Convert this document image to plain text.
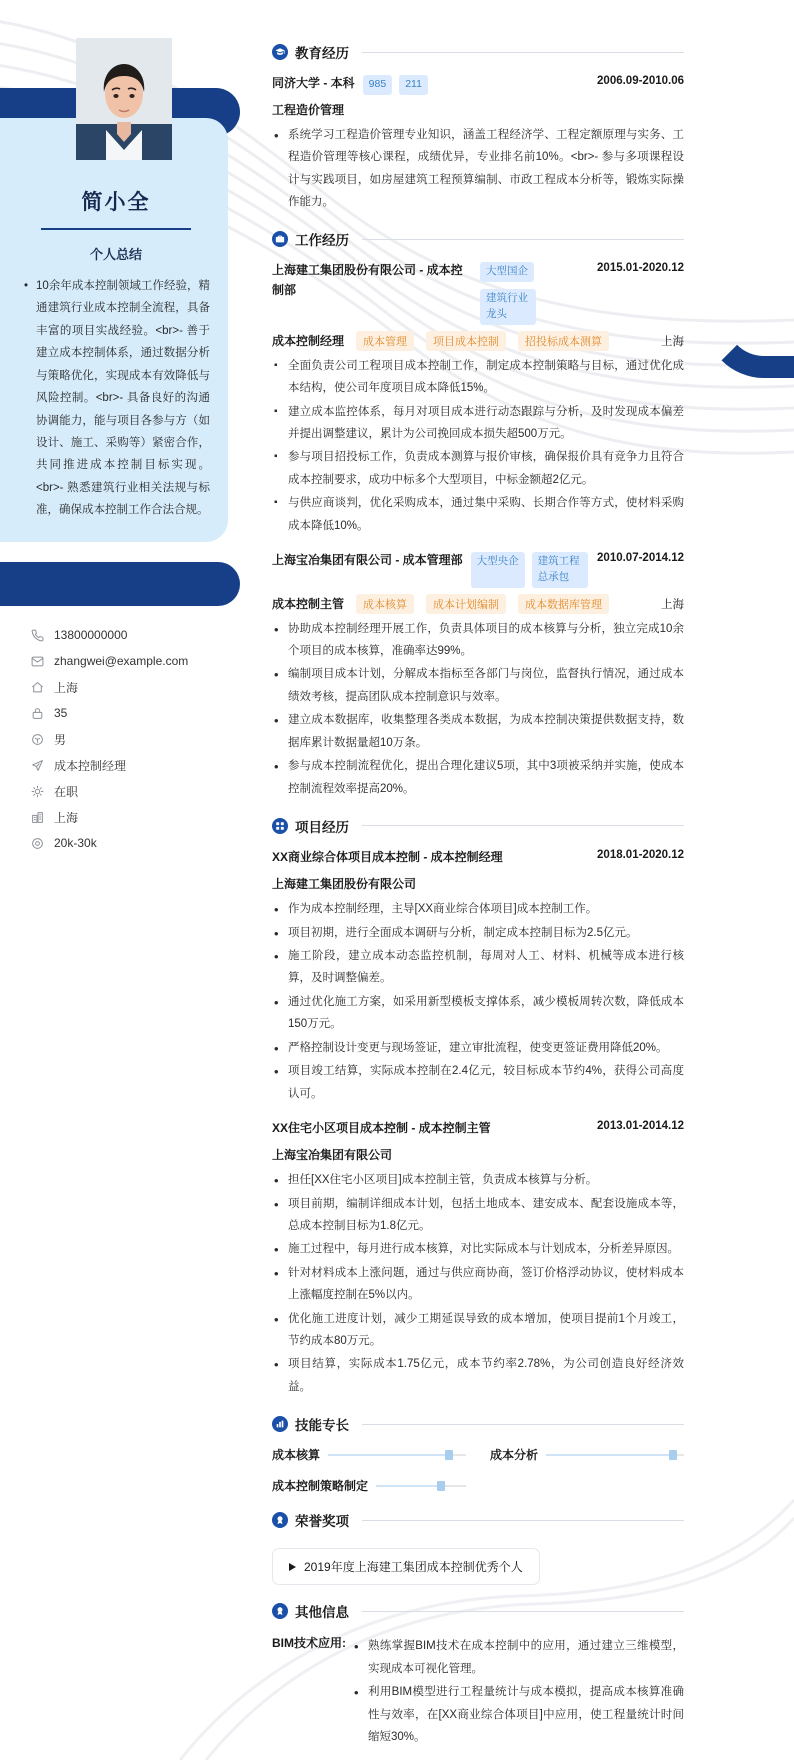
简小全
个人总结
• 10余年成本控制领域工作经验，精通建筑行业成本控制全流程，具备丰富的项目实战经验。<br>- 善于建立成本控制体系，通过数据分析与策略优化，实现成本有效降低与风险控制。<br>- 具备良好的沟通协调能力，能与项目各参与方（如设计、施工、采购等）紧密合作，共同推进成本控制目标实现。<br>- 熟悉建筑行业相关法规与标准，确保成本控制工作合法合规。
13800000000
zhangwei@example.com
上海
35
男
成本控制经理
在职
上海
20k-30k
教育经历
同济大学 - 本科	985	211	2006.09-2010.06
工程造价管理
• 系统学习工程造价管理专业知识，涵盖工程经济学、工程定额原理与实务、工程造价管理等核心课程，成绩优异，专业排名前10%。<br>- 参与多项课程设计与实践项目，如房屋建筑工程预算编制、市政工程成本分析等，锻炼实际操作能力。
工作经历
上海建工集团股份有限公司 - 成本控制部
大型国企
建筑行业龙头
2015.01-2020.12
成本控制经理	成本管理	项目成本控制	招投标成本测算	上海
▪ 全面负责公司工程项目成本控制工作，制定成本控制策略与目标，通过优化成本结构，使公司年度项目成本降低15%。
▪ 建立成本监控体系，每月对项目成本进行动态跟踪与分析，及时发现成本偏差并提出调整建议，累计为公司挽回成本损失超500万元。
▪ 参与项目招投标工作，负责成本测算与报价审核，确保报价具有竞争力且符合成本控制要求，成功中标多个大型项目，中标金额超2亿元。
▪ 与供应商谈判，优化采购成本，通过集中采购、长期合作等方式，使材料采购成本降低10%。
上海宝冶集团有限公司 - 成本管理部	大型央企	建筑工程总承包
2010.07-2014.12
成本控制主管	成本核算	成本计划编制	成本数据库管理	上海
• 协助成本控制经理开展工作，负责具体项目的成本核算与分析，独立完成10余个项目的成本核算，准确率达99%。
• 编制项目成本计划，分解成本指标至各部门与岗位，监督执行情况，通过成本绩效考核，提高团队成本控制意识与效率。
• 建立成本数据库，收集整理各类成本数据，为成本控制决策提供数据支持，数据库累计数据量超10万条。
• 参与成本控制流程优化，提出合理化建议5项，其中3项被采纳并实施，使成本控制流程效率提高20%。
项目经历
XX商业综合体项目成本控制 - 成本控制经理	2018.01-2020.12
上海建工集团股份有限公司
• 作为成本控制经理，主导[XX商业综合体项目]成本控制工作。
• 项目初期，进行全面成本调研与分析，制定成本控制目标为2.5亿元。
• 施工阶段，建立成本动态监控机制，每周对人工、材料、机械等成本进行核算，及时调整偏差。
• 通过优化施工方案，如采用新型模板支撑体系，减少模板周转次数，降低成本150万元。
• 严格控制设计变更与现场签证，建立审批流程，使变更签证费用降低20%。
• 项目竣工结算，实际成本控制在2.4亿元，较目标成本节约4%，获得公司高度认可。
XX住宅小区项目成本控制 - 成本控制主管	2013.01-2014.12
上海宝冶集团有限公司
• 担任[XX住宅小区项目]成本控制主管，负责成本核算与分析。
• 项目前期，编制详细成本计划，包括土地成本、建安成本、配套设施成本等，总成本控制目标为1.8亿元。
• 施工过程中，每月进行成本核算，对比实际成本与计划成本，分析差异原因。
• 针对材料成本上涨问题，通过与供应商协商，签订价格浮动协议，使材料成本上涨幅度控制在5%以内。
• 优化施工进度计划，减少工期延误导致的成本增加，使项目提前1个月竣工，节约成本80万元。
• 项目结算，实际成本1.75亿元，成本节约率2.78%，为公司创造良好经济效益。
技能专长
成本核算	成本分析
成本控制策略制定
荣誉奖项
2019年度上海建工集团成本控制优秀个人
其他信息
BIM技术应用:	• 熟练掌握BIM技术在成本控制中的应用，通过建立三维模型，实现成本可视化管理。
• 利用BIM模型进行工程量统计与成本模拟，提高成本核算准确性与效率，在[XX商业综合体项目]中应用，使工程量统计时间缩短30%。
